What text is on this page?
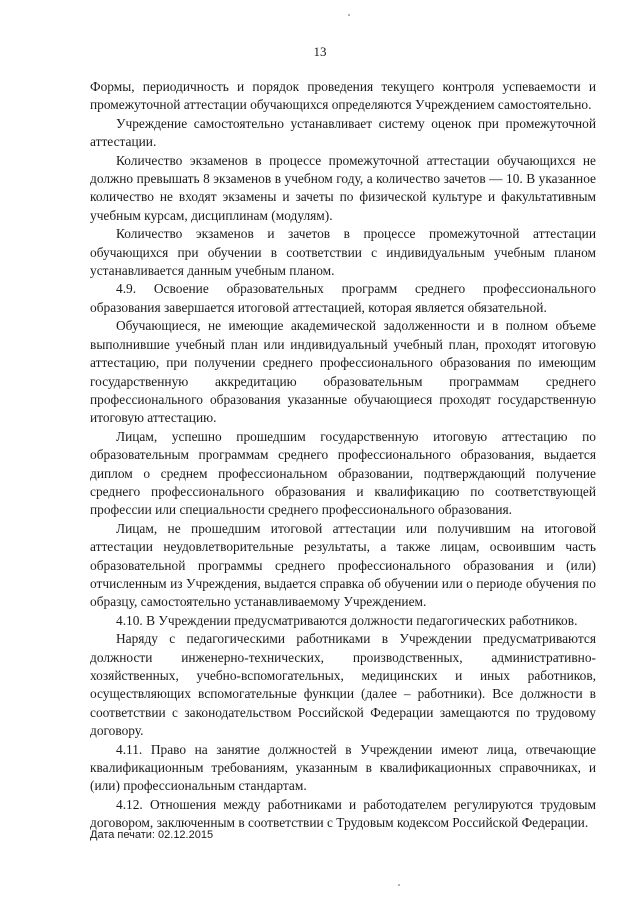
13

Формы, периодичность и порядок проведения текущего контроля успеваемости и промежуточной аттестации обучающихся определяются Учреждением самостоятельно.

Учреждение самостоятельно устанавливает систему оценок при промежуточной аттестации.

Количество экзаменов в процессе промежуточной аттестации обучающихся не должно превышать 8 экзаменов в учебном году, а количество зачетов — 10. В указанное количество не входят экзамены и зачеты по физической культуре и факультативным учебным курсам, дисциплинам (модулям).

Количество экзаменов и зачетов в процессе промежуточной аттестации обучающихся при обучении в соответствии с индивидуальным учебным планом устанавливается данным учебным планом.

4.9. Освоение образовательных программ среднего профессионального образования завершается итоговой аттестацией, которая является обязательной.

Обучающиеся, не имеющие академической задолженности и в полном объеме выполнившие учебный план или индивидуальный учебный план, проходят итоговую аттестацию, при получении среднего профессионального образования по имеющим государственную аккредитацию образовательным программам среднего профессионального образования указанные обучающиеся проходят государственную итоговую аттестацию.

Лицам, успешно прошедшим государственную итоговую аттестацию по образовательным программам среднего профессионального образования, выдается диплом о среднем профессиональном образовании, подтверждающий получение среднего профессионального образования и квалификацию по соответствующей профессии или специальности среднего профессионального образования.

Лицам, не прошедшим итоговой аттестации или получившим на итоговой аттестации неудовлетворительные результаты, а также лицам, освоившим часть образовательной программы среднего профессионального образования и (или) отчисленным из Учреждения, выдается справка об обучении или о периоде обучения по образцу, самостоятельно устанавливаемому Учреждением.

4.10. В Учреждении предусматриваются должности педагогических работников.

Наряду с педагогическими работниками в Учреждении предусматриваются должности инженерно-технических, производственных, административно-хозяйственных, учебно-вспомогательных, медицинских и иных работников, осуществляющих вспомогательные функции (далее – работники). Все должности в соответствии с законодательством Российской Федерации замещаются по трудовому договору.

4.11. Право на занятие должностей в Учреждении имеют лица, отвечающие квалификационным требованиям, указанным в квалификационных справочниках, и (или) профессиональным стандартам.

4.12. Отношения между работниками и работодателем регулируются трудовым договором, заключенным в соответствии с Трудовым кодексом Российской Федерации.

Дата печати: 02.12.2015
